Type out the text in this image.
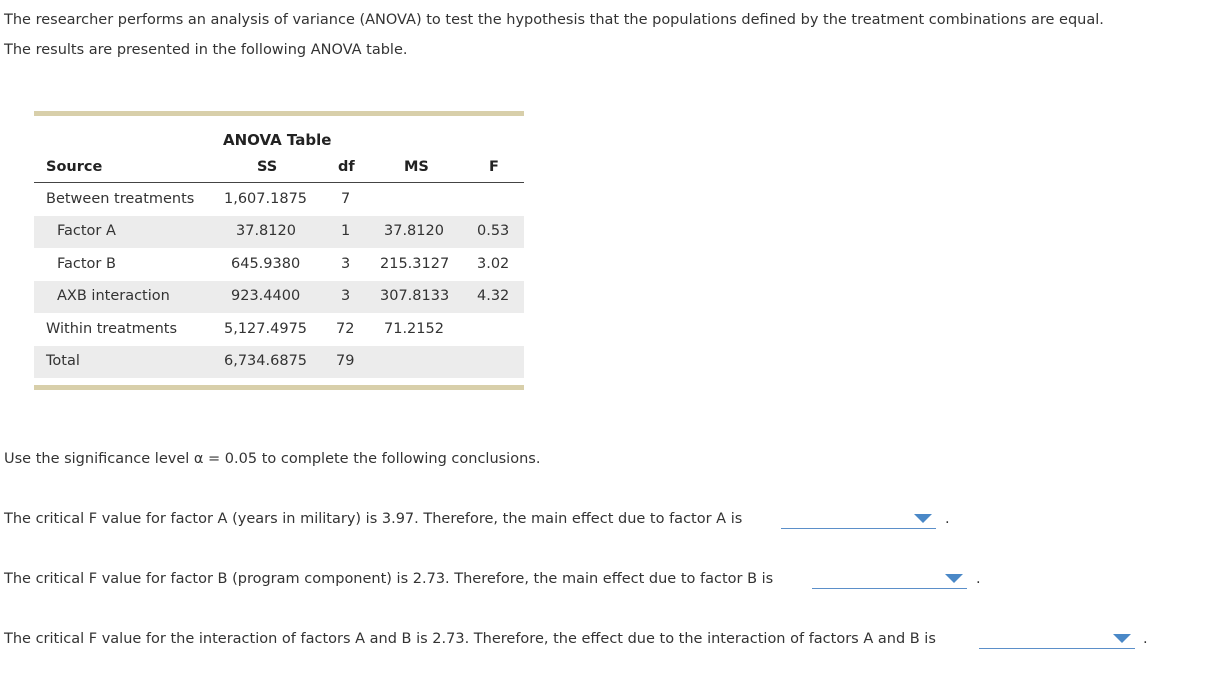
The researcher performs an analysis of variance (ANOVA) to test the hypothesis that the populations defined by the treatment combinations are equal.
The results are presented in the following ANOVA table.
ANOVA Table
Source	SS	df	MS	F
Between treatments 1,607.1875 7
Factor A	37.8120	1 37.8120 0.53
Factor B	645.9380	3 215.3127 3.02
AXB interaction	923.4400	3 307.8133 4.32
Within treatments	5,127.4975 72 71.2152
Total	6,734.6875 79
Use the significance level α = 0.05 to complete the following conclusions.
The critical F value for factor A (years in military) is 3.97. Therefore, the main effect due to factor A is	.
The critical F value for factor B (program component) is 2.73. Therefore, the main effect due to factor B is	.
The critical F value for the interaction of factors A and B is 2.73. Therefore, the effect due to the interaction of factors A and B is	.
